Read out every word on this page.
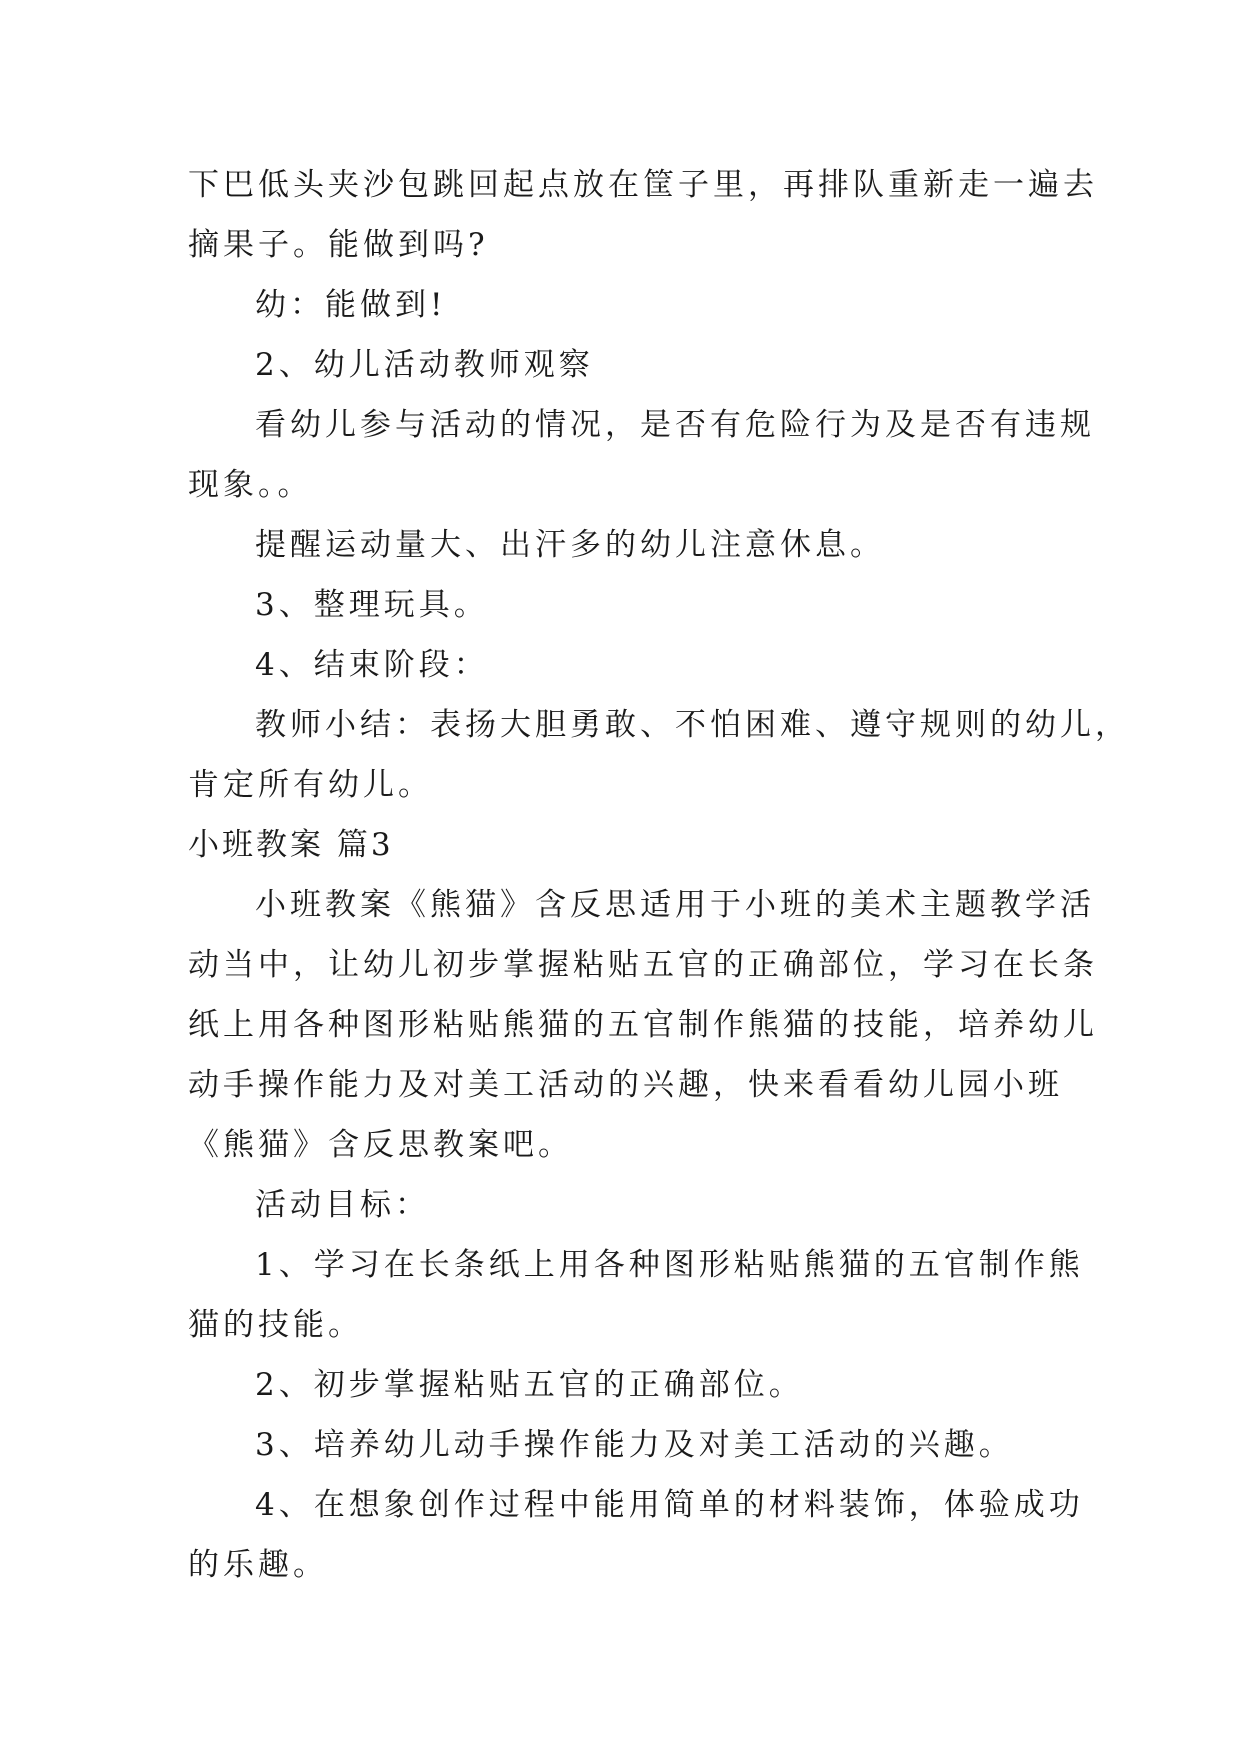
下巴低头夹沙包跳回起点放在筐子里，再排队重新走一遍去
摘果子。能做到吗?
幼：能做到!
2、幼儿活动教师观察
看幼儿参与活动的情况，是否有危险行为及是否有违规
现象。。
提醒运动量大、出汗多的幼儿注意休息。
3、整理玩具。
4、结束阶段：
教师小结：表扬大胆勇敢、不怕困难、遵守规则的幼儿，
肯定所有幼儿。
小班教案 篇3
小班教案《熊猫》含反思适用于小班的美术主题教学活
动当中，让幼儿初步掌握粘贴五官的正确部位，学习在长条
纸上用各种图形粘贴熊猫的五官制作熊猫的技能，培养幼儿
动手操作能力及对美工活动的兴趣，快来看看幼儿园小班
《熊猫》含反思教案吧。
活动目标：
1、学习在长条纸上用各种图形粘贴熊猫的五官制作熊
猫的技能。
2、初步掌握粘贴五官的正确部位。
3、培养幼儿动手操作能力及对美工活动的兴趣。
4、在想象创作过程中能用简单的材料装饰，体验成功
的乐趣。
